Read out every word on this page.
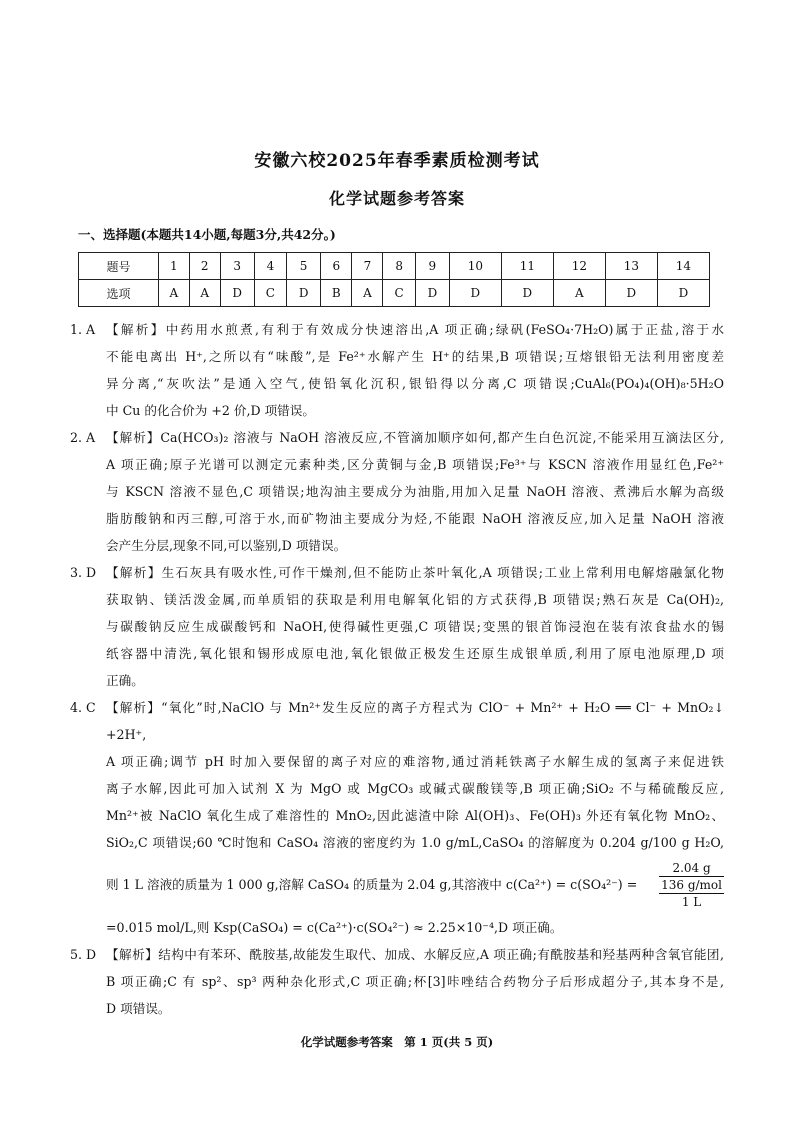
安徽六校2025年春季素质检测考试
化学试题参考答案
一、选择题(本题共14小题,每题3分,共42分。)
题号	1	2	3	4	5	6	7	8	9	10	11	12	13	14
选项	A	A	D	C	D	B	A	C	D	D	D	A	D	D
1. A 【解析】中药用水煎煮,有利于有效成分快速溶出,A 项正确;绿矾(FeSO₄·7H₂O)属于正盐,溶于水
不能电离出 H⁺,之所以有“味酸”,是 Fe²⁺水解产生 H⁺的结果,B 项错误;互熔银铅无法利用密度差
异分离,“灰吹法”是通入空气,使铅氧化沉积,银铅得以分离,C 项错误;CuAl₆(PO₄)₄(OH)₈·5H₂O
中 Cu 的化合价为 +2 价,D 项错误。
2. A 【解析】Ca(HCO₃)₂ 溶液与 NaOH 溶液反应,不管滴加顺序如何,都产生白色沉淀,不能采用互滴法区分,
A 项正确;原子光谱可以测定元素种类,区分黄铜与金,B 项错误;Fe³⁺与 KSCN 溶液作用显红色,Fe²⁺
与 KSCN 溶液不显色,C 项错误;地沟油主要成分为油脂,用加入足量 NaOH 溶液、煮沸后水解为高级
脂肪酸钠和丙三醇,可溶于水,而矿物油主要成分为烃,不能跟 NaOH 溶液反应,加入足量 NaOH 溶液
会产生分层,现象不同,可以鉴别,D 项错误。
3. D 【解析】生石灰具有吸水性,可作干燥剂,但不能防止茶叶氧化,A 项错误;工业上常利用电解熔融氯化物
获取钠、镁活泼金属,而单质铝的获取是利用电解氧化铝的方式获得,B 项错误;熟石灰是 Ca(OH)₂,
与碳酸钠反应生成碳酸钙和 NaOH,使得碱性更强,C 项错误;变黑的银首饰浸泡在装有浓食盐水的锡
纸容器中清洗,氧化银和锡形成原电池,氧化银做正极发生还原生成银单质,利用了原电池原理,D 项
正确。
4. C 【解析】“氧化”时,NaClO 与 Mn²⁺发生反应的离子方程式为 ClO⁻ + Mn²⁺ + H₂O ══ Cl⁻ + MnO₂↓ +2H⁺,
A 项正确;调节 pH 时加入要保留的离子对应的难溶物,通过消耗铁离子水解生成的氢离子来促进铁
离子水解,因此可加入试剂 X 为 MgO 或 MgCO₃ 或碱式碳酸镁等,B 项正确;SiO₂ 不与稀硫酸反应,
Mn²⁺被 NaClO 氧化生成了难溶性的 MnO₂,因此滤渣中除 Al(OH)₃、Fe(OH)₃ 外还有氧化物 MnO₂、
SiO₂,C 项错误;60 ℃时饱和 CaSO₄ 溶液的密度约为 1.0 g/mL,CaSO₄ 的溶解度为 0.204 g/100 g H₂O,
则 1 L 溶液的质量为 1 000 g,溶解 CaSO₄ 的质量为 2.04 g,其溶液中 c(Ca²⁺) = c(SO₄²⁻) =
2.04 g
136 g/mol
1 L
=0.015 mol/L,则 Ksp(CaSO₄) = c(Ca²⁺)·c(SO₄²⁻) ≈ 2.25×10⁻⁴,D 项正确。
5. D 【解析】结构中有苯环、酰胺基,故能发生取代、加成、水解反应,A 项正确;有酰胺基和羟基两种含氧官能团,
B 项正确;C 有 sp²、sp³ 两种杂化形式,C 项正确;杯[3]咔唑结合药物分子后形成超分子,其本身不是,
D 项错误。
化学试题参考答案　第 1 页(共 5 页)
